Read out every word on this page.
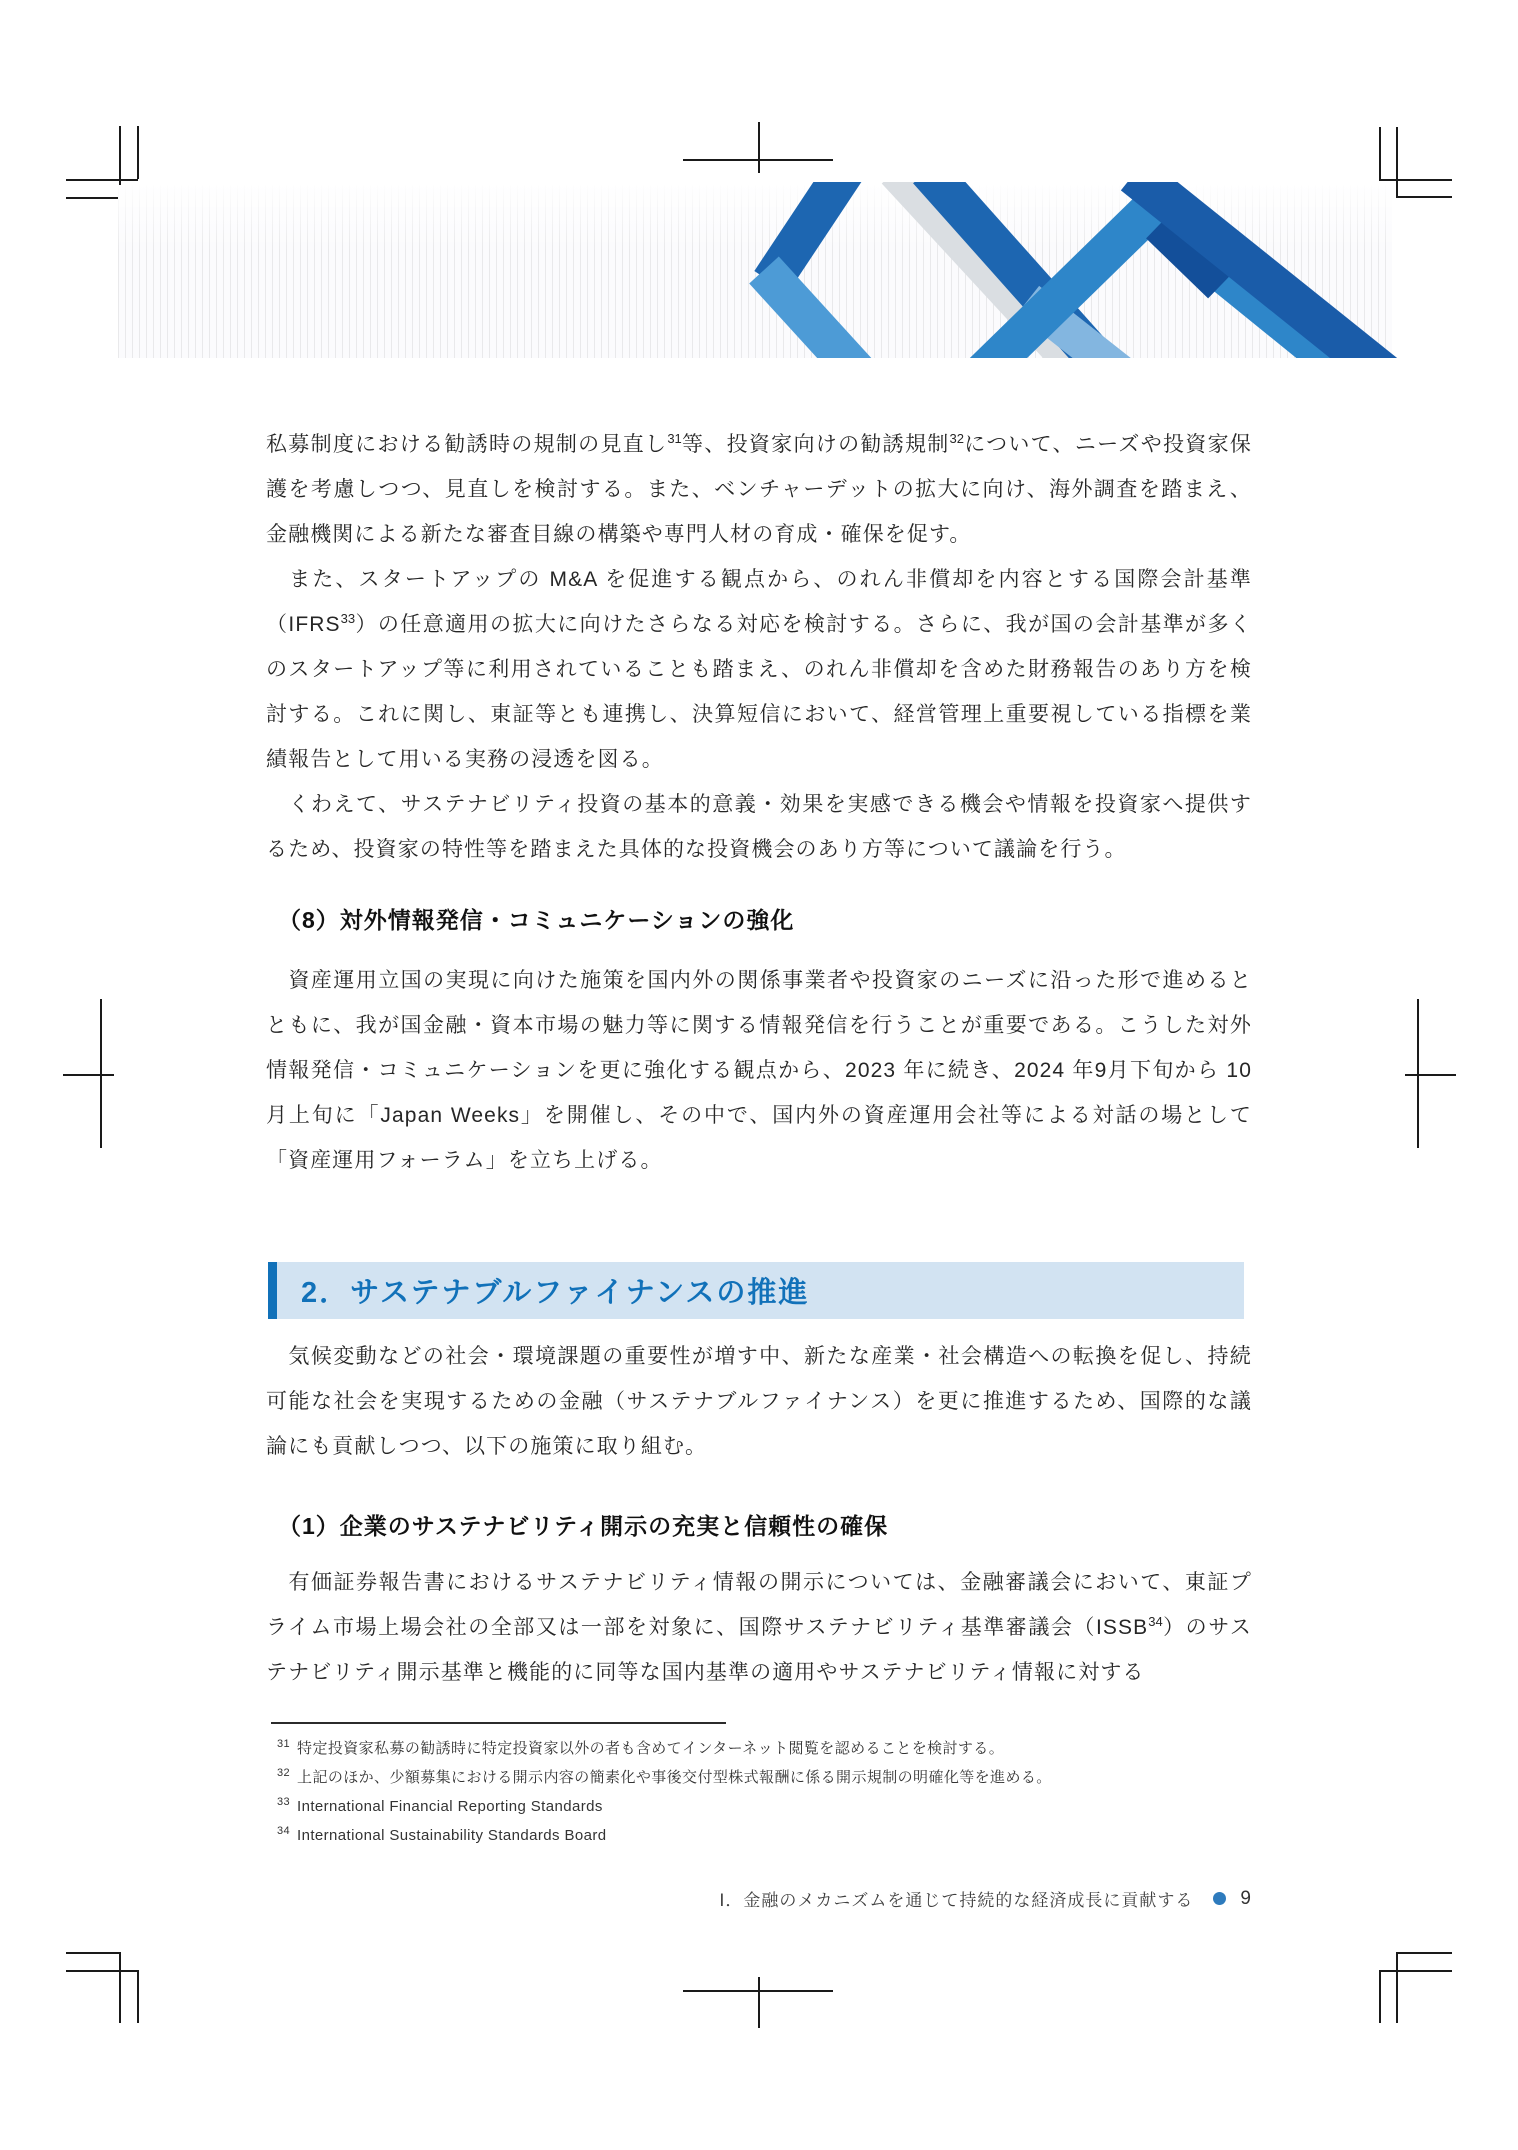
私募制度における勧誘時の規制の見直し$^{31}$等、投資家向けの勧誘規制$^{32}$について、ニーズや投資家保護を考慮しつつ、見直しを検討する。また、ベンチャーデットの拡大に向け、海外調査を踏まえ、金融機関による新たな審査目線の構築や専門人材の育成・確保を促す。

　また、スタートアップの M&A を促進する観点から、のれん非償却を内容とする国際会計基準（IFRS$^{33}$）の任意適用の拡大に向けたさらなる対応を検討する。さらに、我が国の会計基準が多くのスタートアップ等に利用されていることも踏まえ、のれん非償却を含めた財務報告のあり方を検討する。これに関し、東証等とも連携し、決算短信において、経営管理上重要視している指標を業績報告として用いる実務の浸透を図る。

　くわえて、サステナビリティ投資の基本的意義・効果を実感できる機会や情報を投資家へ提供するため、投資家の特性等を踏まえた具体的な投資機会のあり方等について議論を行う。

（8）対外情報発信・コミュニケーションの強化
　資産運用立国の実現に向けた施策を国内外の関係事業者や投資家のニーズに沿った形で進めるとともに、我が国金融・資本市場の魅力等に関する情報発信を行うことが重要である。こうした対外情報発信・コミュニケーションを更に強化する観点から、2023 年に続き、2024 年9月下旬から 10 月上旬に「Japan Weeks」を開催し、その中で、国内外の資産運用会社等による対話の場として「資産運用フォーラム」を立ち上げる。
2．サステナブルファイナンスの推進
　気候変動などの社会・環境課題の重要性が増す中、新たな産業・社会構造への転換を促し、持続可能な社会を実現するための金融（サステナブルファイナンス）を更に推進するため、国際的な議論にも貢献しつつ、以下の施策に取り組む。
（1）企業のサステナビリティ開示の充実と信頼性の確保

　有価証券報告書におけるサステナビリティ情報の開示については、金融審議会において、東証プライム市場上場会社の全部又は一部を対象に、国際サステナビリティ基準審議会（ISSB$^{34}$）のサステナビリティ開示基準と機能的に同等な国内基準の適用やサステナビリティ情報に対する

$^{31}$ 特定投資家私募の勧誘時に特定投資家以外の者も含めてインターネット閲覧を認めることを検討する。
$^{32}$ 上記のほか、少額募集における開示内容の簡素化や事後交付型株式報酬に係る開示規制の明確化等を進める。
$^{33}$ International Financial Reporting Standards
$^{34}$ International Sustainability Standards Board
Ⅰ．金融のメカニズムを通じて持続的な経済成長に貢献する 9
